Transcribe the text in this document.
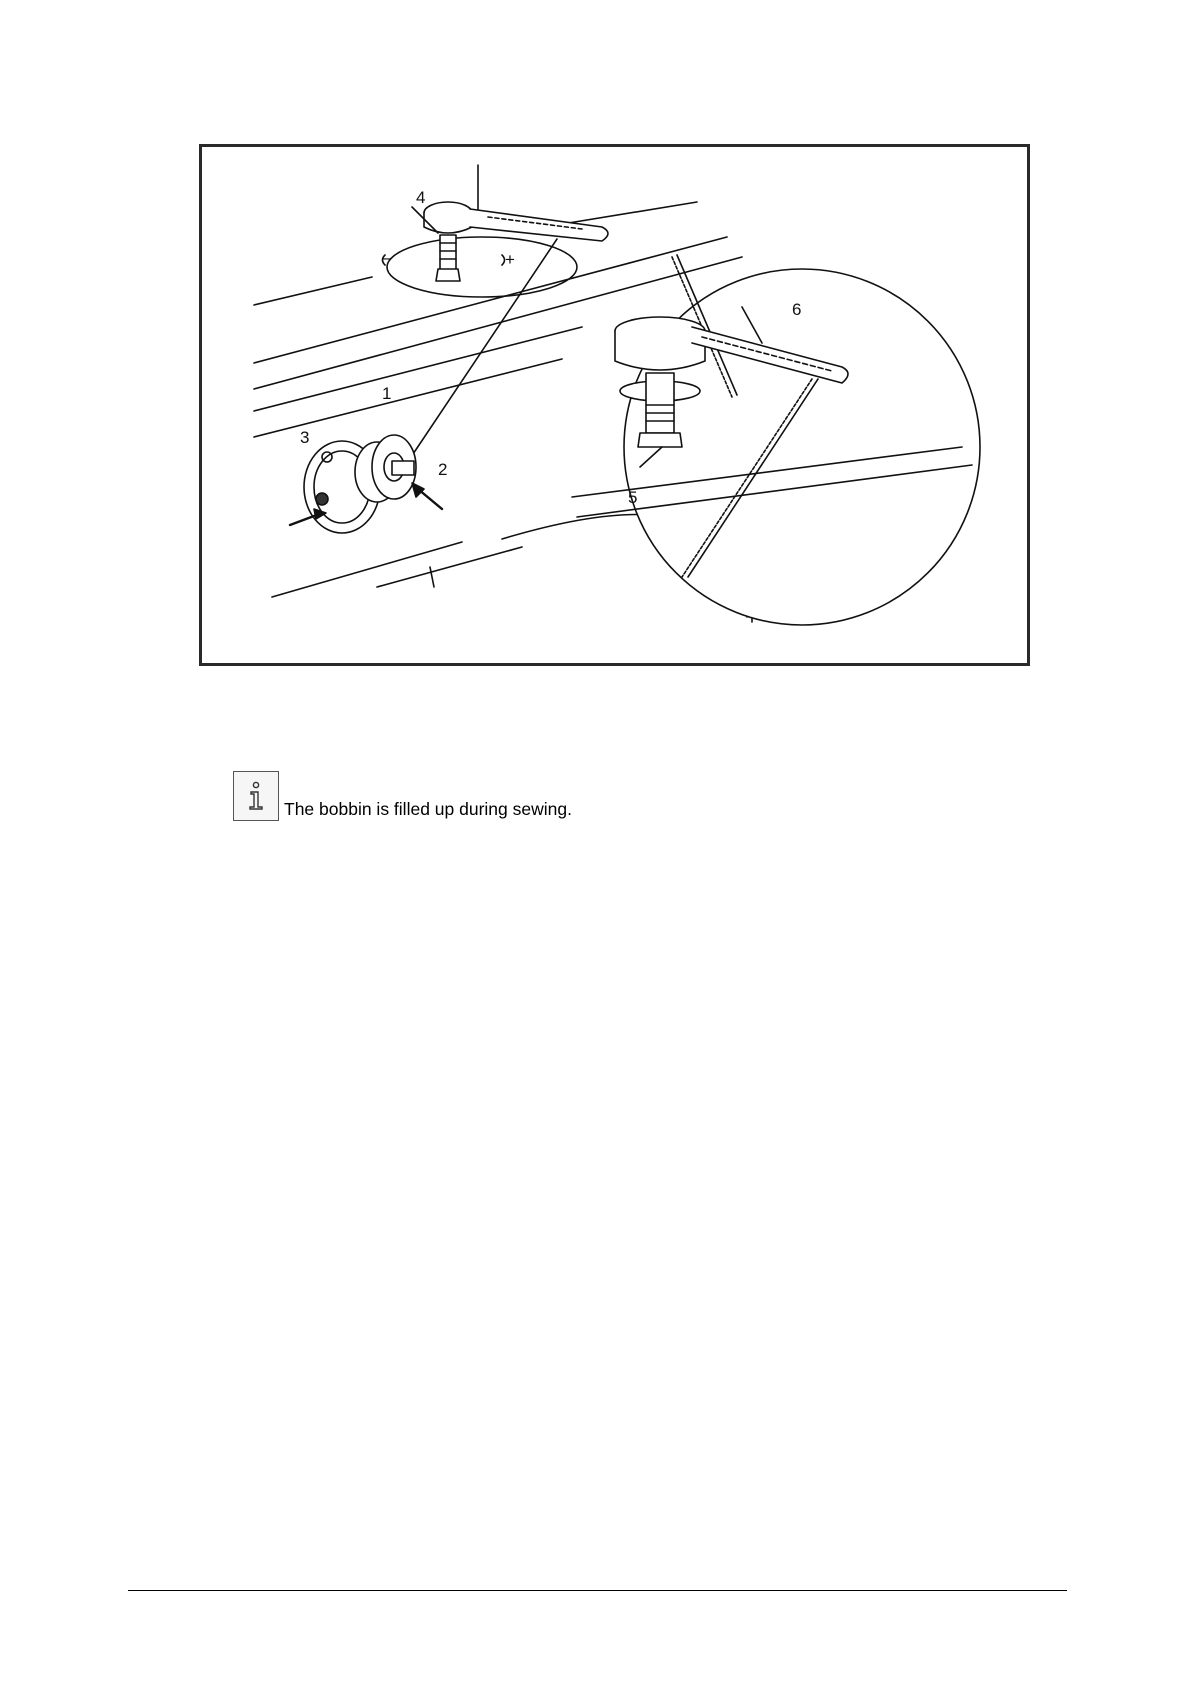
4
–	+
1
3
2
6
5
The bobbin is filled up during sewing.
